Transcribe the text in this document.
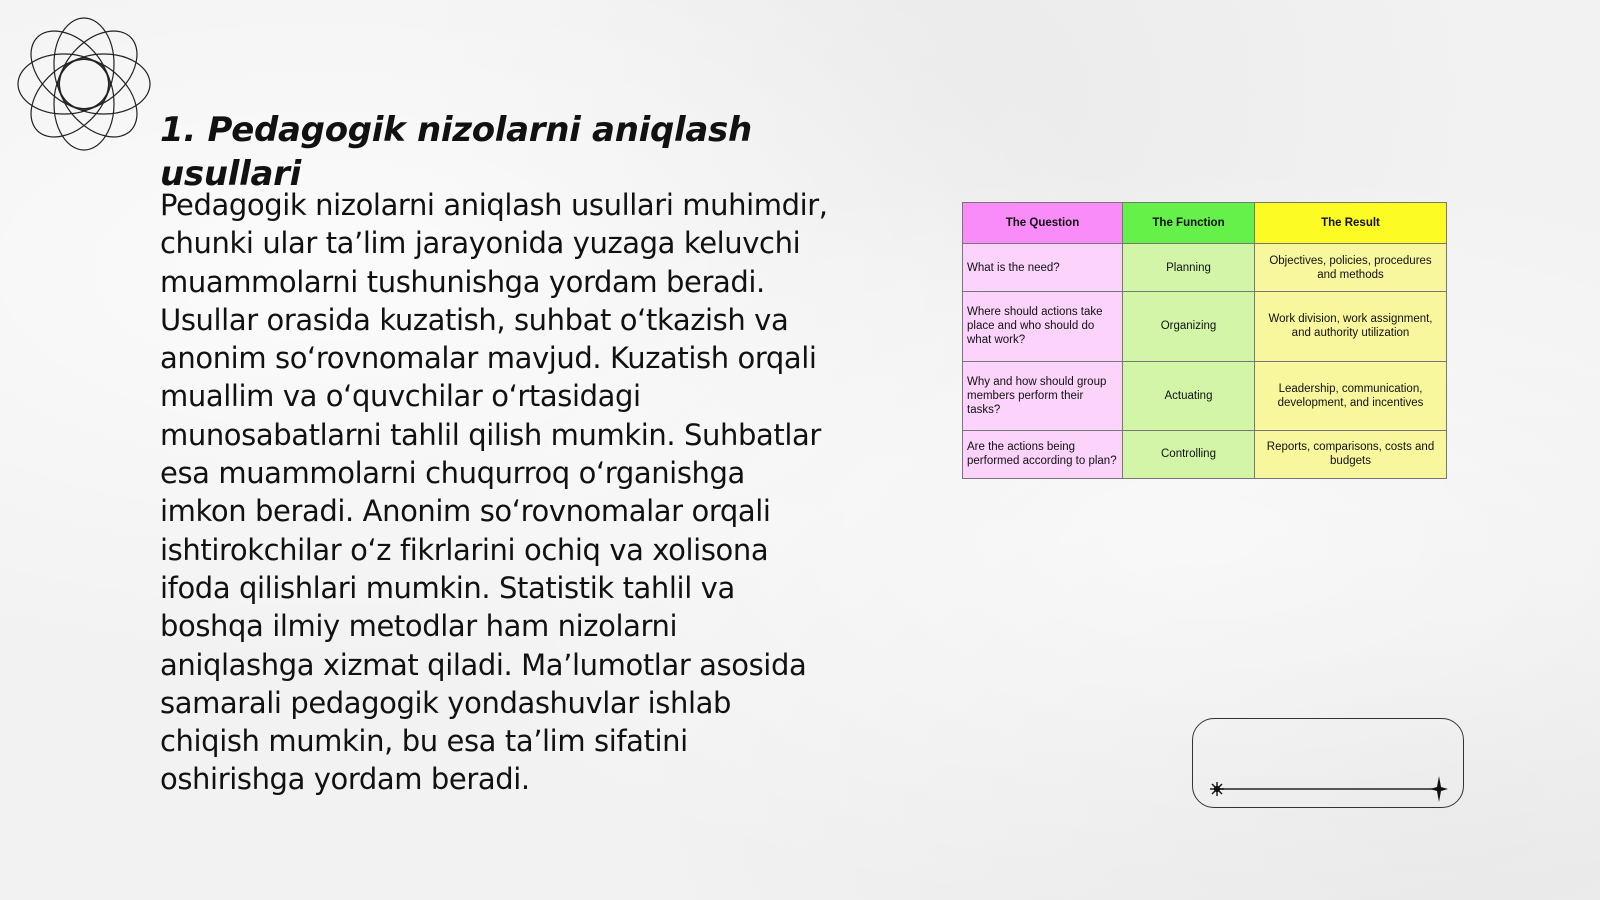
1. Pedagogik nizolarni aniqlash usullari

Pedagogik nizolarni aniqlash usullari muhimdir, chunki ular ta’lim jarayonida yuzaga keluvchi muammolarni tushunishga yordam beradi. Usullar orasida kuzatish, suhbat o‘tkazish va anonim so‘rovnomalar mavjud. Kuzatish orqali muallim va o‘quvchilar o‘rtasidagi munosabatlarni tahlil qilish mumkin. Suhbatlar esa muammolarni chuqurroq o‘rganishga imkon beradi. Anonim so‘rovnomalar orqali ishtirokchilar o‘z fikrlarini ochiq va xolisona ifoda qilishlari mumkin. Statistik tahlil va boshqa ilmiy metodlar ham nizolarni aniqlashga xizmat qiladi. Ma’lumotlar asosida samarali pedagogik yondashuvlar ishlab chiqish mumkin, bu esa ta’lim sifatini oshirishga yordam beradi.

The Question	The Function	The Result
What is the need?	Planning	Objectives, policies, procedures and methods
Where should actions take place and who should do what work?	Organizing	Work division, work assignment, and authority utilization
Why and how should group members perform their tasks?	Actuating	Leadership, communication, development, and incentives
Are the actions being performed according to plan?	Controlling	Reports, comparisons, costs and budgets
